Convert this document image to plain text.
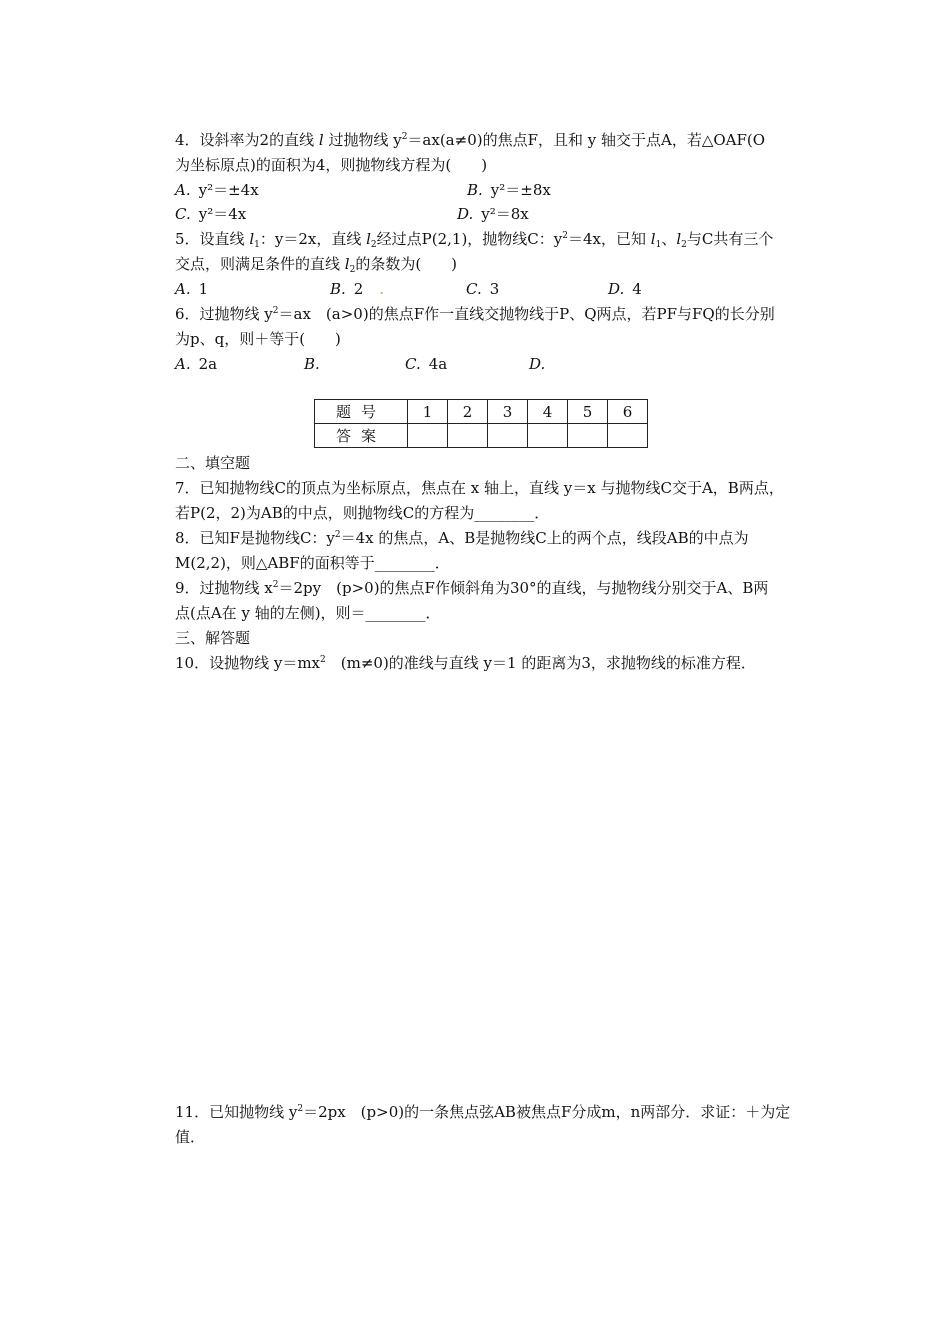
4．设斜率为2的直线 l 过抛物线 $y^2=ax(a\ne 0)$的焦点F，且和 y 轴交于点A，若△OAF(O
为坐标原点)的面积为4，则抛物线方程为(　　)
A. y²＝±4x	B. y²＝±8x
C. y²＝4x	D. y²＝8x
5．设直线 $l_1$：y＝2x，直线 $l_2$经过点P(2,1)，抛物线C：$y^2=4x$，已知 $l_1$、$l_2$与C共有三个
交点，则满足条件的直线 $l_2$的条数为(　　)
A. 1	B. 2 .	C. 3	D. 4
6．过抛物线 $y^2=ax$　(a>0)的焦点F作一直线交抛物线于P、Q两点，若PF与FQ的长分别
为p、q，则＋等于(　　)
A. 2a	B.	C. 4a	D.
题号	1	2	3	4	5	6
答案						
二、填空题
7．已知抛物线C的顶点为坐标原点，焦点在 x 轴上，直线 y＝x 与抛物线C交于A，B两点，
若P(2，2)为AB的中点，则抛物线C的方程为________．
8．已知F是抛物线C：$y^2=4x$ 的焦点，A、B是抛物线C上的两个点，线段AB的中点为
M(2,2)，则△ABF的面积等于________．
9．过抛物线 $x^2=2py$　(p>0)的焦点F作倾斜角为30°的直线，与抛物线分别交于A、B两
点(点A在 y 轴的左侧)，则＝________．
三、解答题
10．设抛物线 $y=mx^2$　(m≠0)的准线与直线 y＝1 的距离为3，求抛物线的标准方程．
11．已知抛物线 $y^2=2px$　(p>0)的一条焦点弦AB被焦点F分成m，n两部分．求证：＋为定
值．
